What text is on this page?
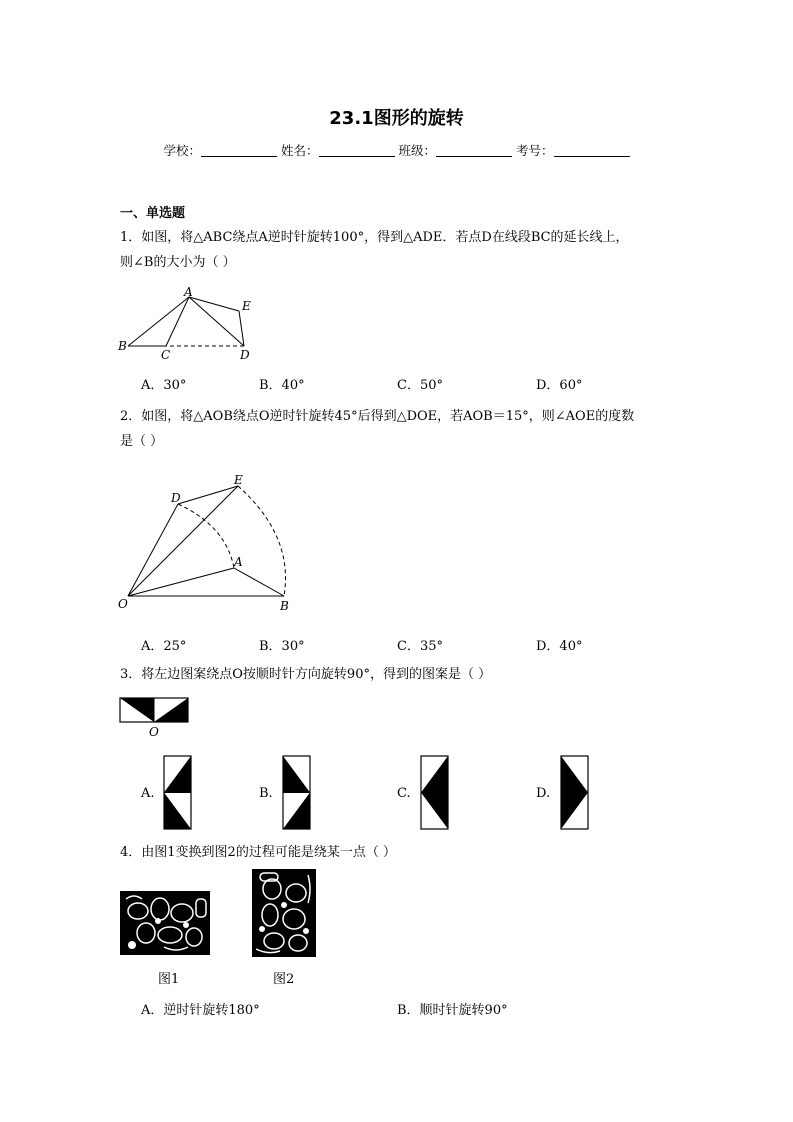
23.1图形的旋转
学校：	姓名：	班级：	考号：
一、单选题
1．如图，将△ABC绕点A逆时针旋转100°，得到△ADE．若点D在线段BC的延长线上，
则∠B的大小为（ ）
A
B
C	D
E
A．30°	B．40°	C．50°	D．60°
2．如图，将△AOB绕点O逆时针旋转45°后得到△DOE，若AOB＝15°，则∠AOE的度数
是（ ）
O
A
B
D
E
A．25°	B．30°	C．35°	D．40°
3．将左边图案绕点O按顺时针方向旋转90°，得到的图案是（ ）
O
A.	B.	C.	D.
4．由图1变换到图2的过程可能是绕某一点（ ）
图1	图2
A．逆时针旋转180°	B．顺时针旋转90°
